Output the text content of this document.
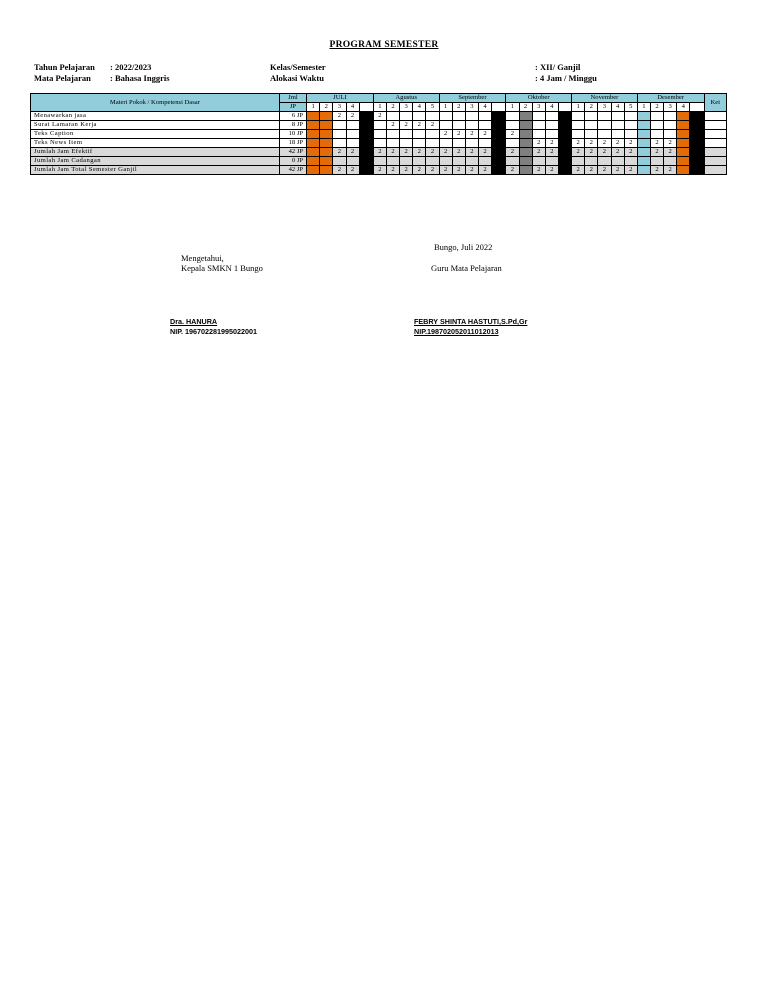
PROGRAM SEMESTER
Tahun Pelajaran : 2022/2023
Mata Pelajaran : Bahasa Inggris
Kelas/Semester
Alokasi Waktu
: XII/ Ganjil
: 4 Jam / Minggu
Materi Pokok / Kompetensi Dasar	Jml	JULI					Agustus					September					Oktober					November					Desember					Ket
	JP	1	2	3	4		1	2	3	4	5	1	2	3	4		1	2	3	4		1	2	3	4	5	1	2	3	4		
Menawarkan jasa	6 JP			2	2		2																									
Surat Lamaran Kerja	8 JP							2	2	2	2																					
Teks Caption	10 JP											2	2	2	2		2															
Teks News Item	18 JP																		2	2		2	2	2	2	2		2	2			
Jumlah Jam Efektif	42 JP			2	2		2	2	2	2	2	2	2	2	2		2		2	2		2	2	2	2	2		2	2			
Jumlah Jam Cadangan	0 JP																															
Jumlah Jam Total Semester Ganjil	42 JP			2	2		2	2	2	2	2	2	2	2	2		2		2	2		2	2	2	2	2		2	2			
Bungo, Juli 2022
Mengetahui,
Kepala SMKN 1 Bungo	Guru Mata Pelajaran
Dra. HANURA
NIP. 196702281995022001
FEBRY SHINTA HASTUTI,S.Pd,Gr
NIP.198702052011012013
